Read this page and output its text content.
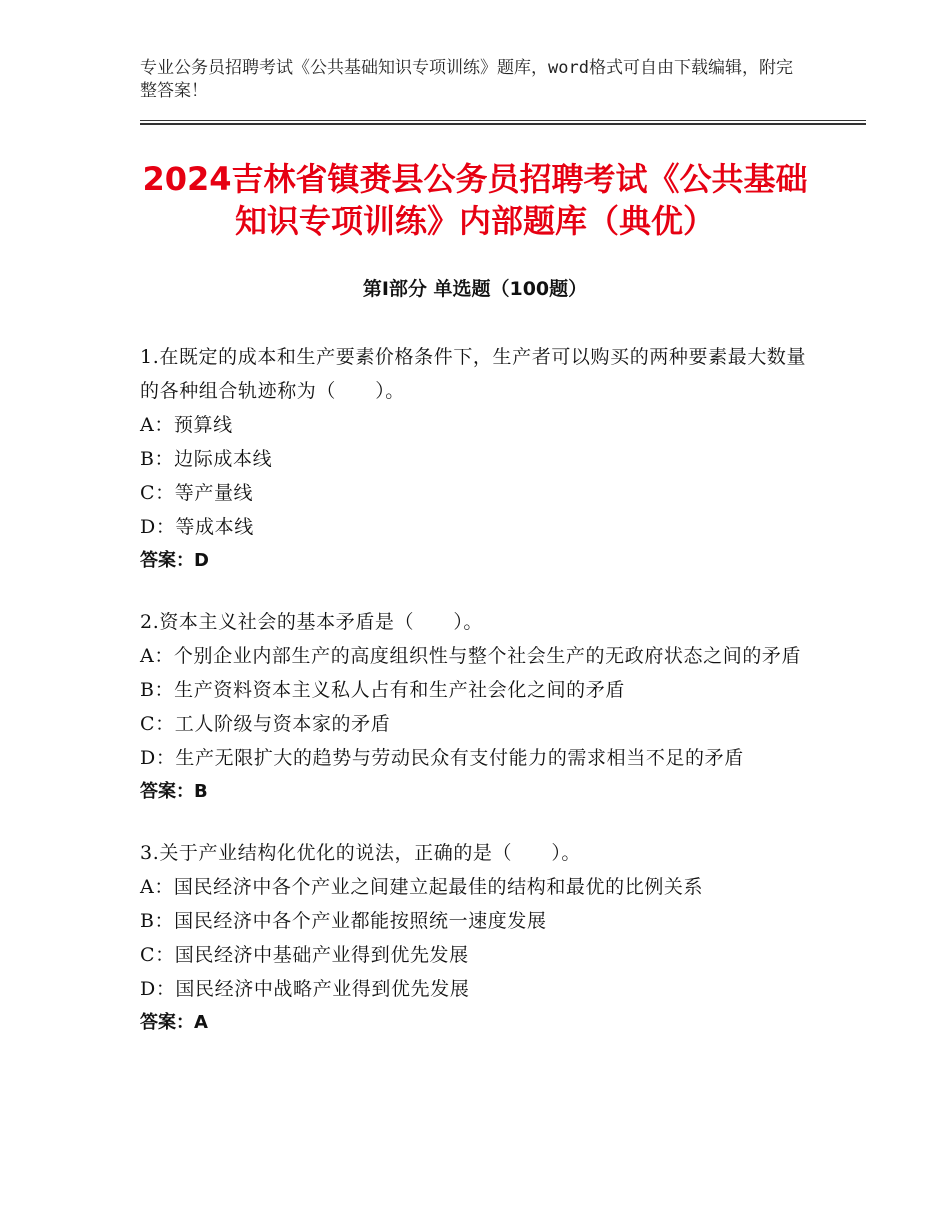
专业公务员招聘考试《公共基础知识专项训练》题库，word格式可自由下载编辑，附完整答案！
2024吉林省镇赉县公务员招聘考试《公共基础知识专项训练》内部题库（典优）
第Ⅰ部分 单选题（100题）
1.在既定的成本和生产要素价格条件下，生产者可以购买的两种要素最大数量的各种组合轨迹称为（　　）。
A：预算线
B：边际成本线
C：等产量线
D：等成本线
答案：D
2.资本主义社会的基本矛盾是（　　）。
A：个别企业内部生产的高度组织性与整个社会生产的无政府状态之间的矛盾
B：生产资料资本主义私人占有和生产社会化之间的矛盾
C：工人阶级与资本家的矛盾
D：生产无限扩大的趋势与劳动民众有支付能力的需求相当不足的矛盾
答案：B
3.关于产业结构化优化的说法，正确的是（　　）。
A：国民经济中各个产业之间建立起最佳的结构和最优的比例关系
B：国民经济中各个产业都能按照统一速度发展
C：国民经济中基础产业得到优先发展
D：国民经济中战略产业得到优先发展
答案：A
